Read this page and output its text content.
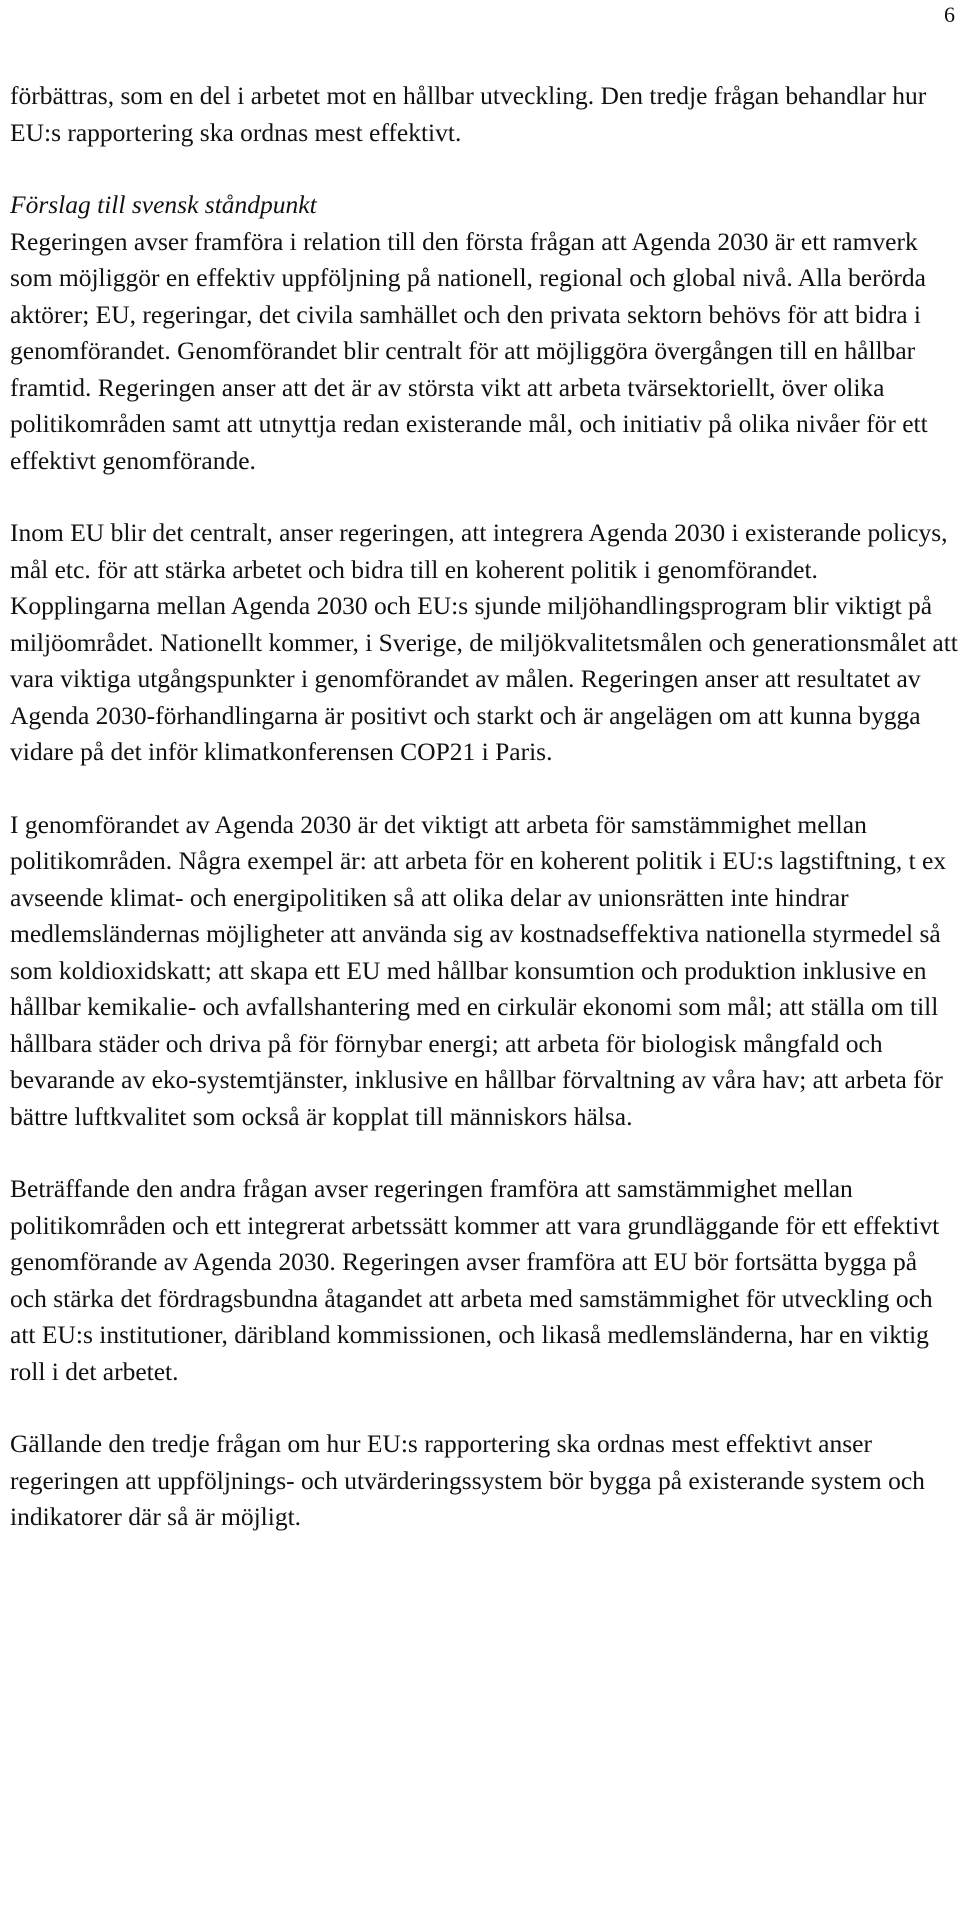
6

förbättras, som en del i arbetet mot en hållbar utveckling. Den tredje frågan behandlar hur EU:s rapportering ska ordnas mest effektivt.

Förslag till svensk ståndpunkt

Regeringen avser framföra i relation till den första frågan att Agenda 2030 är ett ramverk som möjliggör en effektiv uppföljning på nationell, regional och global nivå. Alla berörda aktörer; EU, regeringar, det civila samhället och den privata sektorn behövs för att bidra i genomförandet. Genomförandet blir centralt för att möjliggöra övergången till en hållbar framtid. Regeringen anser att det är av största vikt att arbeta tvärsektoriellt, över olika politikområden samt att utnyttja redan existerande mål, och initiativ på olika nivåer för ett effektivt genomförande.

Inom EU blir det centralt, anser regeringen, att integrera Agenda 2030 i existerande policys, mål etc. för att stärka arbetet och bidra till en koherent politik i genomförandet. Kopplingarna mellan Agenda 2030 och EU:s sjunde miljöhandlingsprogram blir viktigt på miljöområdet. Nationellt kommer, i Sverige, de miljökvalitetsmålen och generationsmålet att vara viktiga utgångspunkter i genomförandet av målen. Regeringen anser att resultatet av Agenda 2030-förhandlingarna är positivt och starkt och är angelägen om att kunna bygga vidare på det inför klimatkonferensen COP21 i Paris.

I genomförandet av Agenda 2030 är det viktigt att arbeta för samstämmighet mellan politikområden. Några exempel är: att arbeta för en koherent politik i EU:s lagstiftning, t ex avseende klimat- och energipolitiken så att olika delar av unionsrätten inte hindrar medlemsländernas möjligheter att använda sig av kostnadseffektiva nationella styrmedel så som koldioxidskatt; att skapa ett EU med hållbar konsumtion och produktion inklusive en hållbar kemikalie- och avfallshantering med en cirkulär ekonomi som mål; att ställa om till hållbara städer och driva på för förnybar energi; att arbeta för biologisk mångfald och bevarande av eko-systemtjänster, inklusive en hållbar förvaltning av våra hav; att arbeta för bättre luftkvalitet som också är kopplat till människors hälsa.

Beträffande den andra frågan avser regeringen framföra att samstämmighet mellan politikområden och ett integrerat arbetssätt kommer att vara grundläggande för ett effektivt genomförande av Agenda 2030. Regeringen avser framföra att EU bör fortsätta bygga på och stärka det fördragsbundna åtagandet att arbeta med samstämmighet för utveckling och att EU:s institutioner, däribland kommissionen, och likaså medlemsländerna, har en viktig roll i det arbetet.

Gällande den tredje frågan om hur EU:s rapportering ska ordnas mest effektivt anser regeringen att uppföljnings- och utvärderingssystem bör bygga på existerande system och indikatorer där så är möjligt.
